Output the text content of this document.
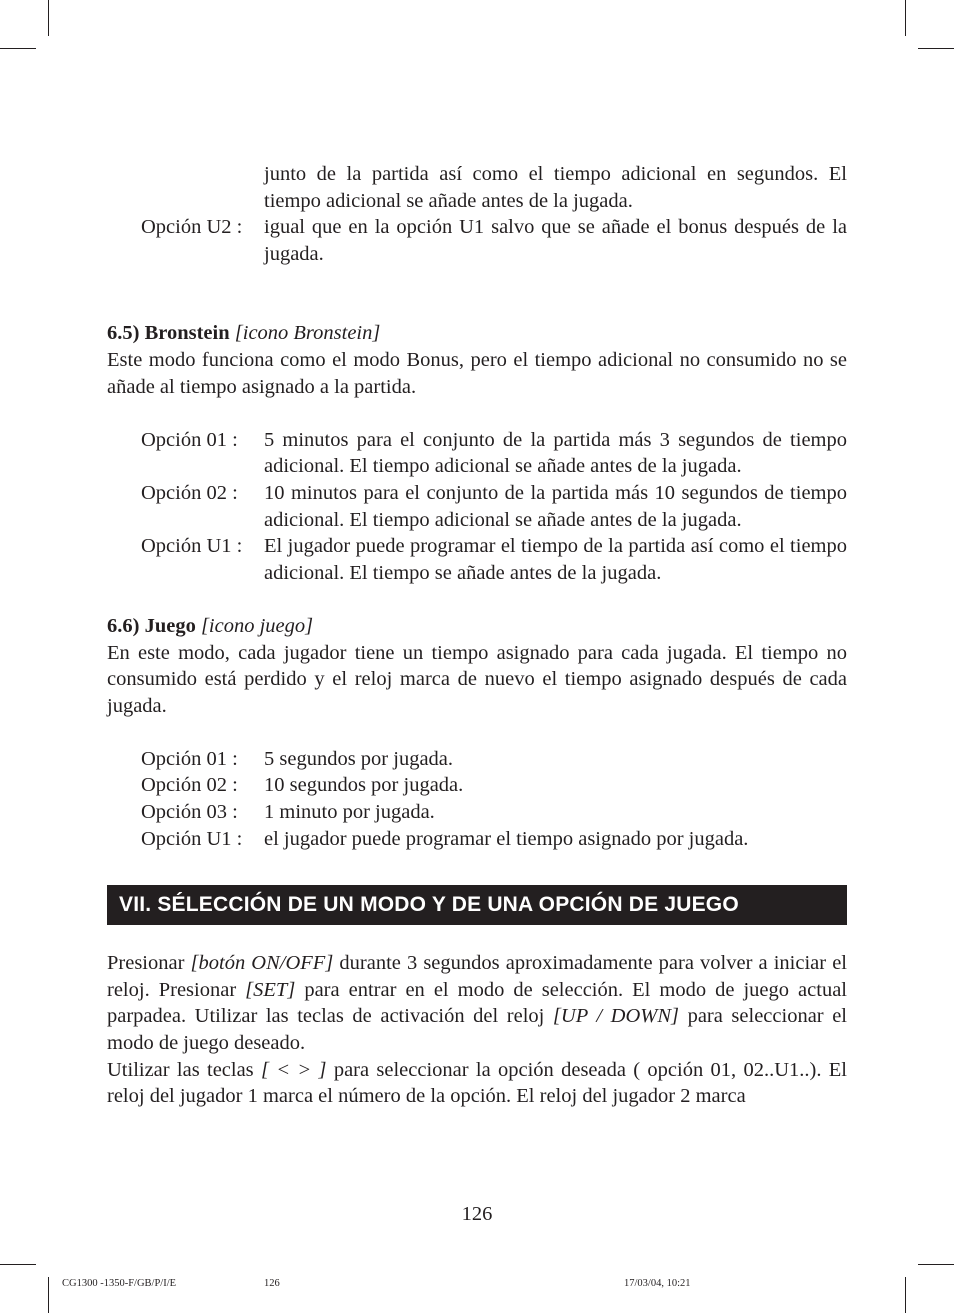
junto de la partida así como el tiempo adicional en segundos. El tiempo adicional se añade antes de la jugada.
Opción U2 :	igual que en la opción U1 salvo que se añade el bonus después de la jugada.

6.5) Bronstein [icono Bronstein]

Este modo funciona como el modo Bonus, pero el tiempo adicional no consumido no se añade al tiempo asignado a la partida.

Opción 01 :	5 minutos para el conjunto de la partida más 3 segundos de tiempo adicional. El tiempo adicional se añade antes de la jugada.
Opción 02 :	10 minutos para el conjunto de la partida más 10 segundos de tiempo adicional. El tiempo adicional se añade antes de la jugada.
Opción U1 :	El jugador puede programar el tiempo de la partida así como el tiempo adicional. El tiempo se añade antes de la jugada.

6.6) Juego [icono juego]

En este modo, cada jugador tiene un tiempo asignado para cada jugada. El tiempo no consumido está perdido y el reloj marca de nuevo el tiempo asignado después de cada jugada.

Opción 01 :	5 segundos por jugada.
Opción 02 :	10 segundos por jugada.
Opción 03 :	1 minuto por jugada.
Opción U1 :	el jugador puede programar el tiempo asignado por jugada.
VII. SÉLECCIÓN DE UN MODO Y DE UNA OPCIÓN DE JUEGO

Presionar [botón ON/OFF] durante 3 segundos aproximadamente para volver a iniciar el reloj. Presionar [SET] para entrar en el modo de selección. El modo de juego actual parpadea. Utilizar las teclas de activación del reloj [UP / DOWN] para seleccionar el modo de juego deseado.

Utilizar las teclas [ < > ] para seleccionar la opción deseada ( opción 01, 02..U1..). El reloj del jugador 1 marca el número de la opción. El reloj del jugador 2 marca

126
CG1300 -1350-F/GB/P/I/E	126	17/03/04, 10:21
